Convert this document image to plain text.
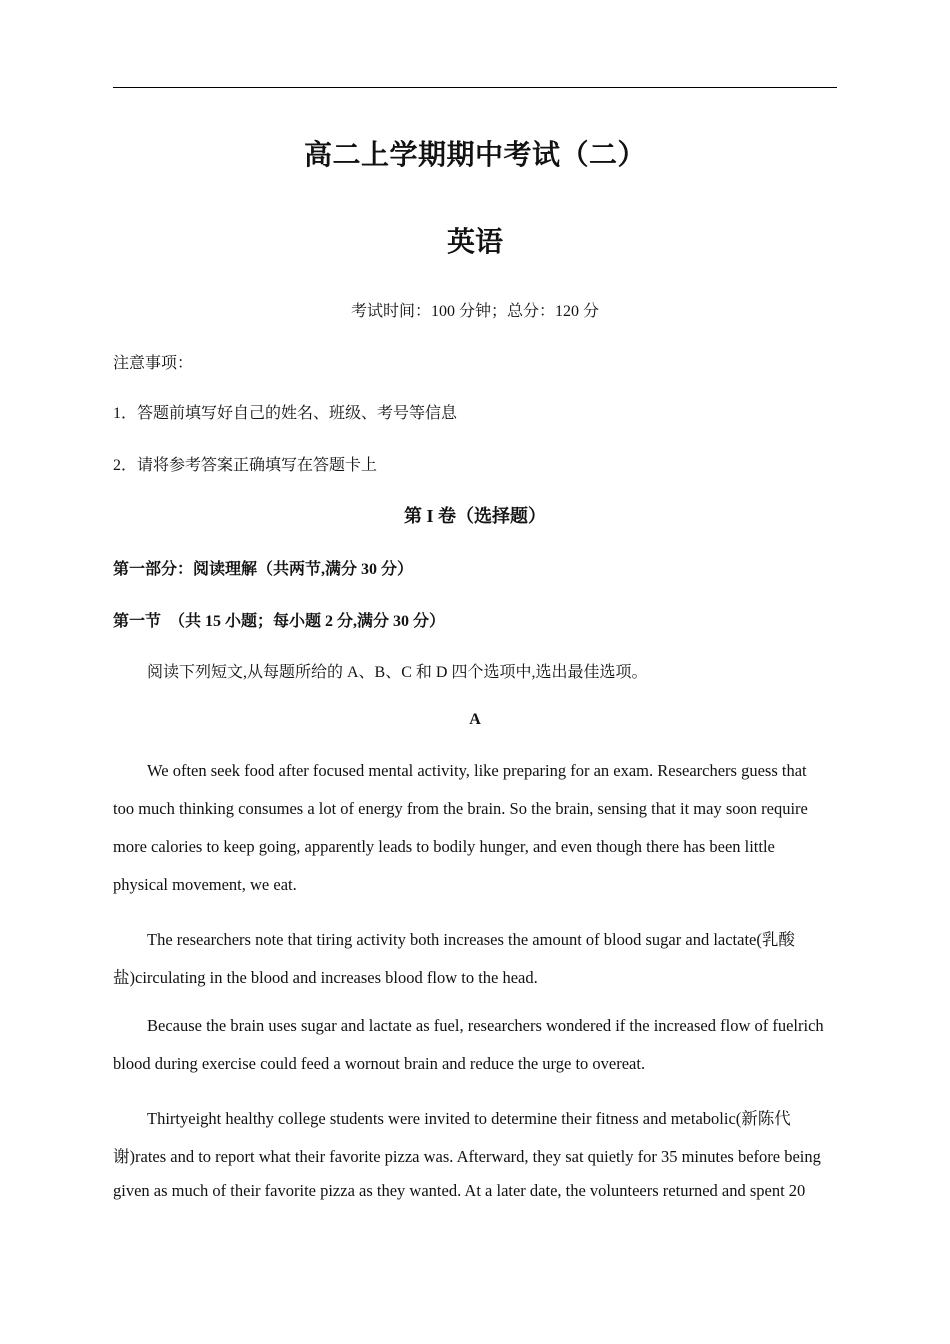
高二上学期期中考试（二）
英语
考试时间：100 分钟；总分：120 分
注意事项：
1．答题前填写好自己的姓名、班级、考号等信息
2．请将参考答案正确填写在答题卡上
第 I 卷（选择题）
第一部分：阅读理解（共两节,满分 30 分）
第一节　（共 15 小题；每小题 2 分,满分 30 分）
阅读下列短文,从每题所给的 A、B、C 和 D 四个选项中,选出最佳选项。
A
We often seek food after focused mental activity, like preparing for an exam. Researchers guess that
too much thinking consumes a lot of energy from the brain. So the brain, sensing that it may soon require
more calories to keep going, apparently leads to bodily hunger, and even though there has been little
physical movement, we eat.
The researchers note that tiring activity both increases the amount of blood sugar and lactate(乳酸
盐)circulating in the blood and increases blood flow to the head.
Because the brain uses sugar and lactate as fuel, researchers wondered if the increased flow of fuelrich
blood during exercise could feed a wornout brain and reduce the urge to overeat.
Thirtyeight healthy college students were invited to determine their fitness and metabolic(新陈代
谢)rates and to report what their favorite pizza was. Afterward, they sat quietly for 35 minutes before being
given as much of their favorite pizza as they wanted. At a later date, the volunteers returned and spent 20
